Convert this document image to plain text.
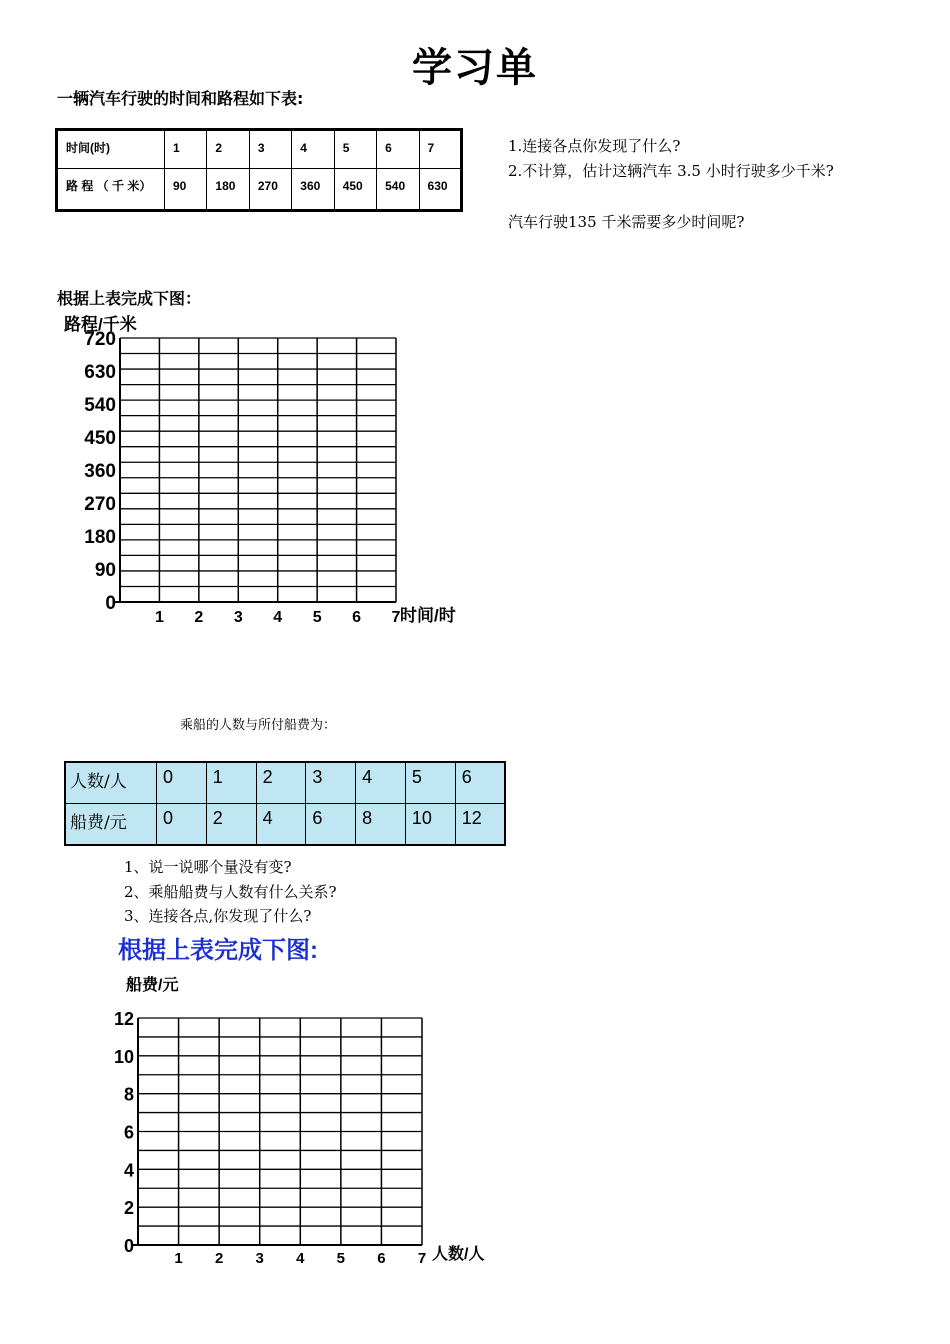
学习单
一辆汽车行驶的时间和路程如下表:
时间(时)	1	2	3	4	5	6	7
路 程 （ 千 米）	90	180	270	360	450	540	630
1.连接各点你发现了什么?
2.不计算，估计这辆汽车 3.5 小时行驶多少千米?
汽车行驶135 千米需要多少时间呢?
根据上表完成下图：
0
90
180
270
360
450
540
630
720
1 2 3 4 5 6 7
路程/千米
时间/时
乘船的人数与所付船费为：
人数/人	0	1	2	3	4	5	6
船费/元	0	2	4	6	8	10	12
1、说一说哪个量没有变?
2、乘船船费与人数有什么关系?
3、连接各点,你发现了什么?
根据上表完成下图:
0
2
4
6
8
10
12
1 2 3 4 5 6 7
船费/元
人数/人
